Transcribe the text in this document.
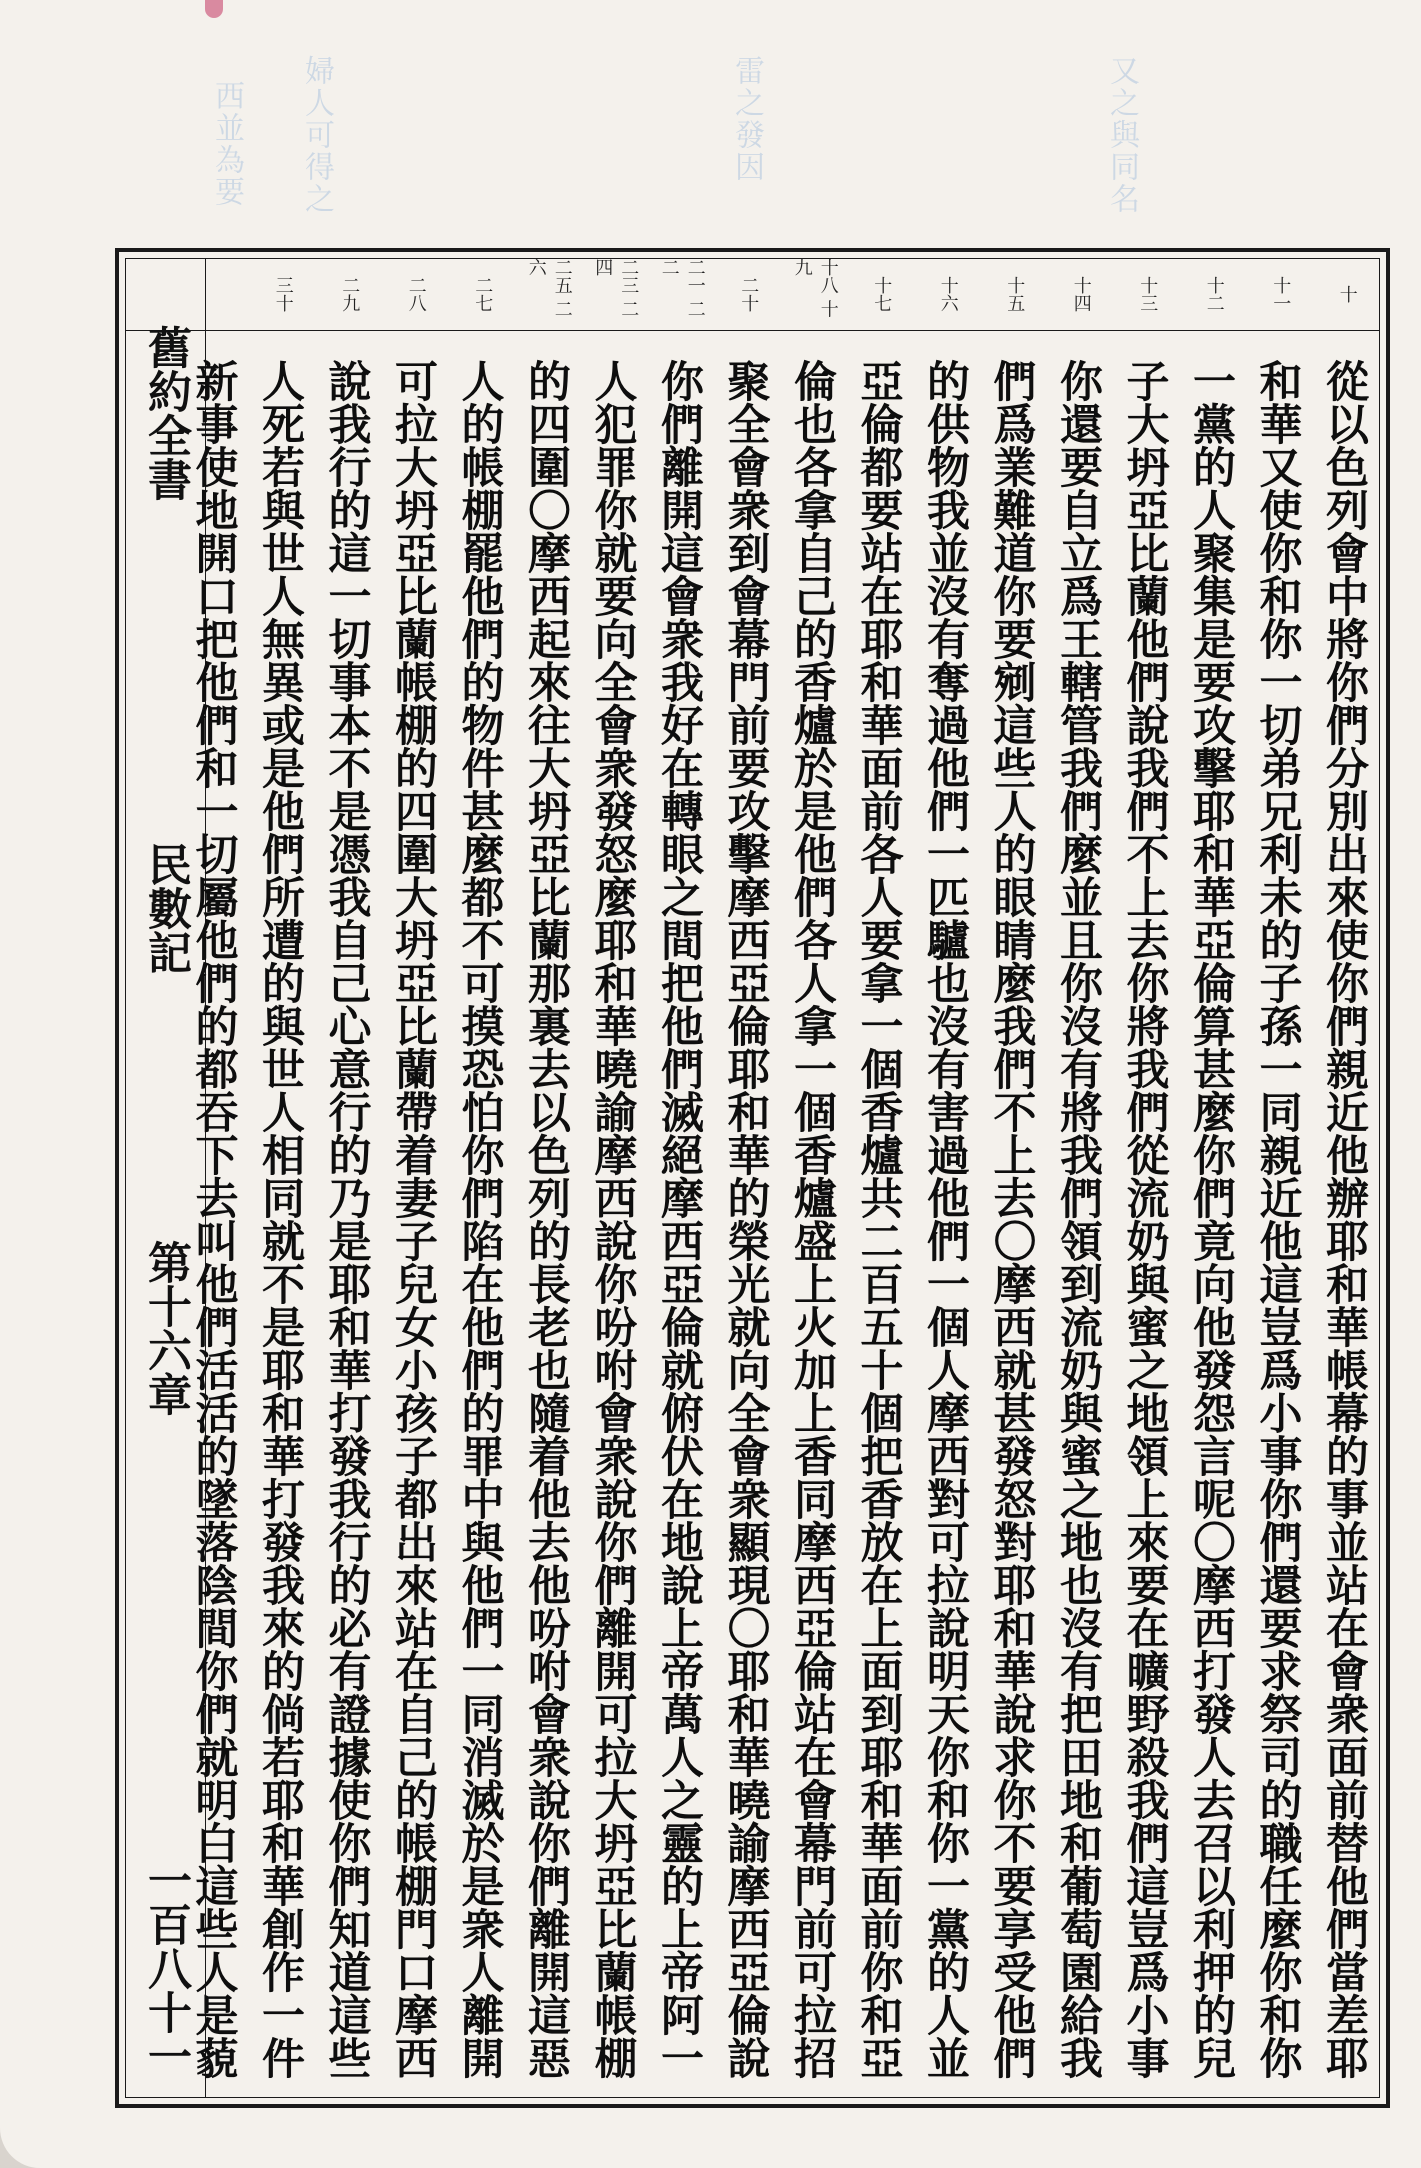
又之與同名
雷之發因
婦人可得之
西並為要
舊約全書
民數記
第十六章
一百八十一
十
從以色列會中將你們分別出來使你們親近他辦耶和華帳幕的事並站在會衆面前替他們當差耶
十一
和華又使你和你一切弟兄利未的子孫一同親近他這豈爲小事你們還要求祭司的職任麼你和你
十二
一黨的人聚集是要攻擊耶和華亞倫算甚麼你們竟向他發怨言呢〇摩西打發人去召以利押的兒
十三
子大坍亞比蘭他們說我們不上去你將我們從流奶與蜜之地領上來要在曠野殺我們這豈爲小事
十四
你還要自立爲王轄管我們麼並且你沒有將我們領到流奶與蜜之地也沒有把田地和葡萄園給我
十五
們爲業難道你要剜這些人的眼睛麼我們不上去〇摩西就甚發怒對耶和華說求你不要享受他們
十六
的供物我並沒有奪過他們一匹驢也沒有害過他們一個人摩西對可拉說明天你和你一黨的人並
十七
亞倫都要站在耶和華面前各人要拿一個香爐共二百五十個把香放在上面到耶和華面前你和亞
十八 十九
倫也各拿自己的香爐於是他們各人拿一個香爐盛上火加上香同摩西亞倫站在會幕門前可拉招
二十
聚全會衆到會幕門前要攻擊摩西亞倫耶和華的榮光就向全會衆顯現〇耶和華曉諭摩西亞倫說
二一 二二
你們離開這會衆我好在轉眼之間把他們滅絕摩西亞倫就俯伏在地說上帝萬人之靈的上帝阿一
二三 二四
人犯罪你就要向全會衆發怒麼耶和華曉諭摩西說你吩咐會衆說你們離開可拉大坍亞比蘭帳棚
二五 二六
的四圍〇摩西起來往大坍亞比蘭那裏去以色列的長老也隨着他去他吩咐會衆說你們離開這惡
二七
人的帳棚罷他們的物件甚麼都不可摸恐怕你們陷在他們的罪中與他們一同消滅於是衆人離開
二八
可拉大坍亞比蘭帳棚的四圍大坍亞比蘭帶着妻子兒女小孩子都出來站在自己的帳棚門口摩西
二九
說我行的這一切事本不是憑我自己心意行的乃是耶和華打發我行的必有證據使你們知道這些
三十
人死若與世人無異或是他們所遭的與世人相同就不是耶和華打發我來的倘若耶和華創作一件
新事使地開口把他們和一切屬他們的都吞下去叫他們活活的墜落陰間你們就明白這些人是藐
